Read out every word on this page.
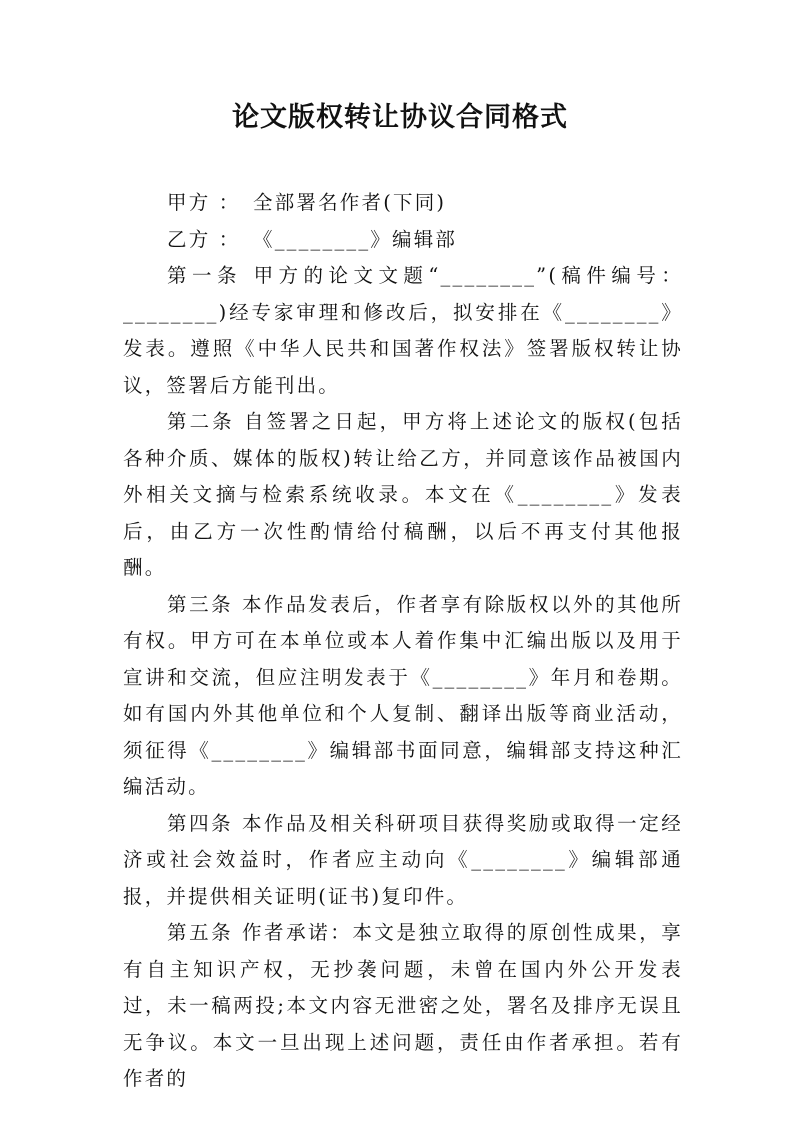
论文版权转让协议合同格式

甲方 ： 全部署名作者(下同)

乙方 ： 《________》编辑部

第一条 甲方的论文文题“________”(稿件编号：________)经专家审理和修改后，拟安排在《________》发表。遵照《中华人民共和国著作权法》签署版权转让协议，签署后方能刊出。

第二条 自签署之日起，甲方将上述论文的版权(包括各种介质、媒体的版权)转让给乙方，并同意该作品被国内外相关文摘与检索系统收录。本文在《________》发表后，由乙方一次性酌情给付稿酬，以后不再支付其他报酬。

第三条 本作品发表后，作者享有除版权以外的其他所有权。甲方可在本单位或本人着作集中汇编出版以及用于宣讲和交流，但应注明发表于《________》年月和卷期。如有国内外其他单位和个人复制、翻译出版等商业活动，须征得《________》编辑部书面同意，编辑部支持这种汇编活动。

第四条 本作品及相关科研项目获得奖励或取得一定经济或社会效益时，作者应主动向《________》编辑部通报，并提供相关证明(证书)复印件。

第五条 作者承诺：本文是独立取得的原创性成果，享有自主知识产权，无抄袭问题，未曾在国内外公开发表过，未一稿两投;本文内容无泄密之处，署名及排序无误且无争议。本文一旦出现上述问题，责任由作者承担。若有作者的
